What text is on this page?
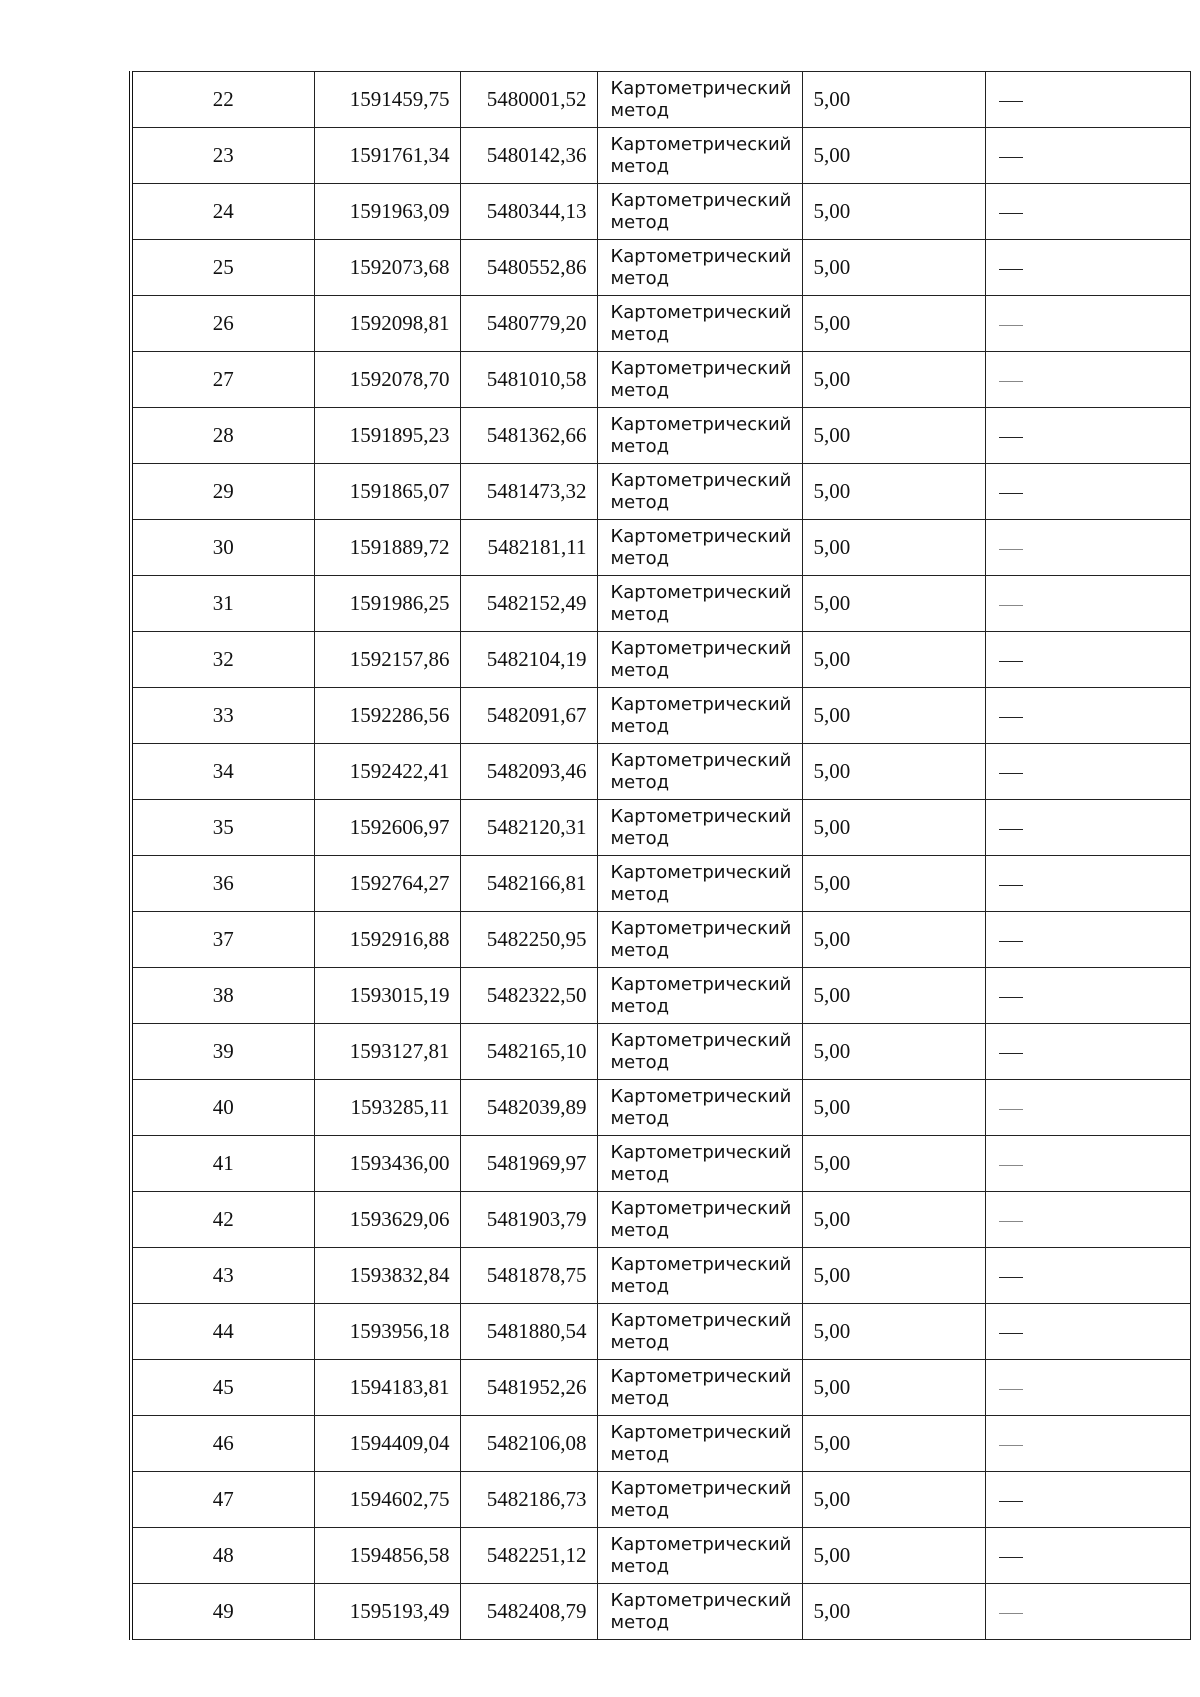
22	1591459,75	5480001,52	Картометрический метод	5,00	
23	1591761,34	5480142,36	Картометрический метод	5,00	
24	1591963,09	5480344,13	Картометрический метод	5,00	
25	1592073,68	5480552,86	Картометрический метод	5,00	
26	1592098,81	5480779,20	Картометрический метод	5,00	
27	1592078,70	5481010,58	Картометрический метод	5,00	
28	1591895,23	5481362,66	Картометрический метод	5,00	
29	1591865,07	5481473,32	Картометрический метод	5,00	
30	1591889,72	5482181,11	Картометрический метод	5,00	
31	1591986,25	5482152,49	Картометрический метод	5,00	
32	1592157,86	5482104,19	Картометрический метод	5,00	
33	1592286,56	5482091,67	Картометрический метод	5,00	
34	1592422,41	5482093,46	Картометрический метод	5,00	
35	1592606,97	5482120,31	Картометрический метод	5,00	
36	1592764,27	5482166,81	Картометрический метод	5,00	
37	1592916,88	5482250,95	Картометрический метод	5,00	
38	1593015,19	5482322,50	Картометрический метод	5,00	
39	1593127,81	5482165,10	Картометрический метод	5,00	
40	1593285,11	5482039,89	Картометрический метод	5,00	
41	1593436,00	5481969,97	Картометрический метод	5,00	
42	1593629,06	5481903,79	Картометрический метод	5,00	
43	1593832,84	5481878,75	Картометрический метод	5,00	
44	1593956,18	5481880,54	Картометрический метод	5,00	
45	1594183,81	5481952,26	Картометрический метод	5,00	
46	1594409,04	5482106,08	Картометрический метод	5,00	
47	1594602,75	5482186,73	Картометрический метод	5,00	
48	1594856,58	5482251,12	Картометрический метод	5,00	
49	1595193,49	5482408,79	Картометрический метод	5,00	
